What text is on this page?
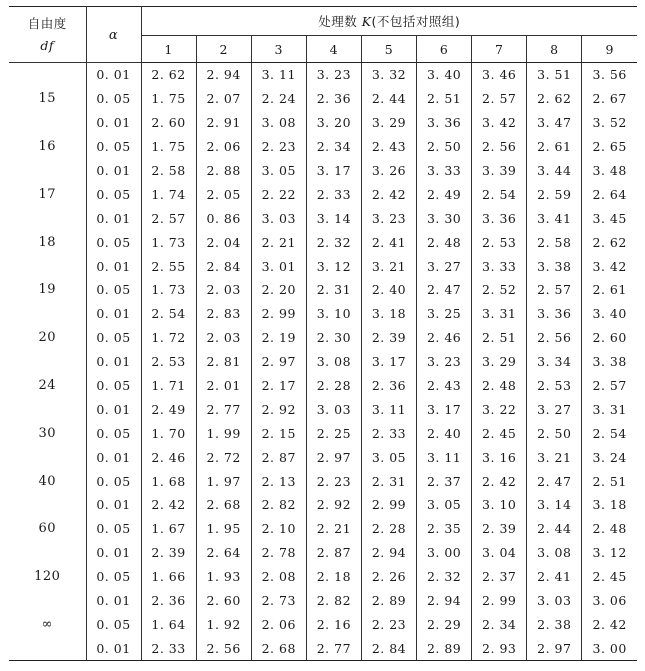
自由度
df	α	处理数 K(不包括对照组)								
		1	2	3	4	5	6	7	8	9
	0. 01	2. 62	2. 94	3. 11	3. 23	3. 32	3. 40	3. 46	3. 51	3. 56
15	0. 05	1. 75	2. 07	2. 24	2. 36	2. 44	2. 51	2. 57	2. 62	2. 67
	0. 01	2. 60	2. 91	3. 08	3. 20	3. 29	3. 36	3. 42	3. 47	3. 52
16	0. 05	1. 75	2. 06	2. 23	2. 34	2. 43	2. 50	2. 56	2. 61	2. 65
	0. 01	2. 58	2. 88	3. 05	3. 17	3. 26	3. 33	3. 39	3. 44	3. 48
17	0. 05	1. 74	2. 05	2. 22	2. 33	2. 42	2. 49	2. 54	2. 59	2. 64
	0. 01	2. 57	0. 86	3. 03	3. 14	3. 23	3. 30	3. 36	3. 41	3. 45
18	0. 05	1. 73	2. 04	2. 21	2. 32	2. 41	2. 48	2. 53	2. 58	2. 62
	0. 01	2. 55	2. 84	3. 01	3. 12	3. 21	3. 27	3. 33	3. 38	3. 42
19	0. 05	1. 73	2. 03	2. 20	2. 31	2. 40	2. 47	2. 52	2. 57	2. 61
	0. 01	2. 54	2. 83	2. 99	3. 10	3. 18	3. 25	3. 31	3. 36	3. 40
20	0. 05	1. 72	2. 03	2. 19	2. 30	2. 39	2. 46	2. 51	2. 56	2. 60
	0. 01	2. 53	2. 81	2. 97	3. 08	3. 17	3. 23	3. 29	3. 34	3. 38
24	0. 05	1. 71	2. 01	2. 17	2. 28	2. 36	2. 43	2. 48	2. 53	2. 57
	0. 01	2. 49	2. 77	2. 92	3. 03	3. 11	3. 17	3. 22	3. 27	3. 31
30	0. 05	1. 70	1. 99	2. 15	2. 25	2. 33	2. 40	2. 45	2. 50	2. 54
	0. 01	2. 46	2. 72	2. 87	2. 97	3. 05	3. 11	3. 16	3. 21	3. 24
40	0. 05	1. 68	1. 97	2. 13	2. 23	2. 31	2. 37	2. 42	2. 47	2. 51
	0. 01	2. 42	2. 68	2. 82	2. 92	2. 99	3. 05	3. 10	3. 14	3. 18
60	0. 05	1. 67	1. 95	2. 10	2. 21	2. 28	2. 35	2. 39	2. 44	2. 48
	0. 01	2. 39	2. 64	2. 78	2. 87	2. 94	3. 00	3. 04	3. 08	3. 12
120	0. 05	1. 66	1. 93	2. 08	2. 18	2. 26	2. 32	2. 37	2. 41	2. 45
	0. 01	2. 36	2. 60	2. 73	2. 82	2. 89	2. 94	2. 99	3. 03	3. 06
∞	0. 05	1. 64	1. 92	2. 06	2. 16	2. 23	2. 29	2. 34	2. 38	2. 42
	0. 01	2. 33	2. 56	2. 68	2. 77	2. 84	2. 89	2. 93	2. 97	3. 00
